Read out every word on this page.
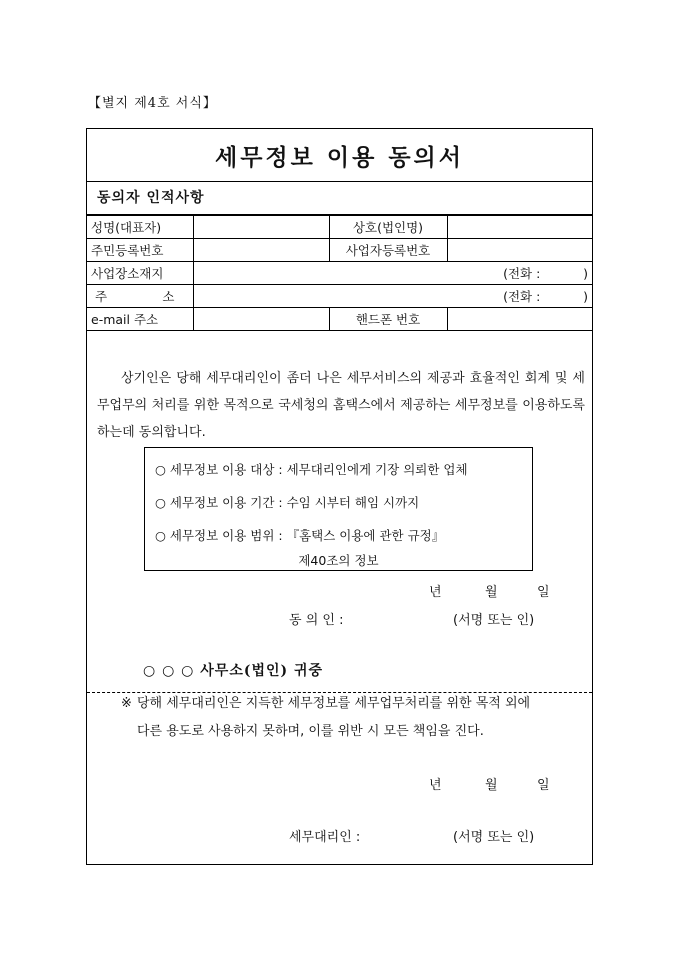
【별지 제4호 서식】
세무정보 이용 동의서
동의자 인적사항
성명(대표자)		상호(법인명)	
주민등록번호		사업자등록번호	
사업장소재지	(전화 : )		

주 소	(전화 : )		
e-mail 주소		핸드폰 번호	

상기인은 당해 세무대리인이 좀더 나은 세무서비스의 제공과 효율적인 회계 및 세무업무의 처리를 위한 목적으로 국세청의 홈택스에서 제공하는 세무정보를 이용하도록 하는데 동의합니다.

○ 세무정보 이용 대상 : 세무대리인에게 기장 의뢰한 업체
○ 세무정보 이용 기간 : 수임 시부터 해임 시까지
○ 세무정보 이용 범위 : 『홈택스 이용에 관한 규정』
제40조의 정보
년	월	일
동 의 인 :	(서명 또는 인)
○ ○ ○ 사무소(법인) 귀중
※ 당해 세무대리인은 지득한 세무정보를 세무업무처리를 위한 목적 외에 다른 용도로 사용하지 못하며, 이를 위반 시 모든 책임을 진다.
년	월	일
세무대리인 :	(서명 또는 인)
